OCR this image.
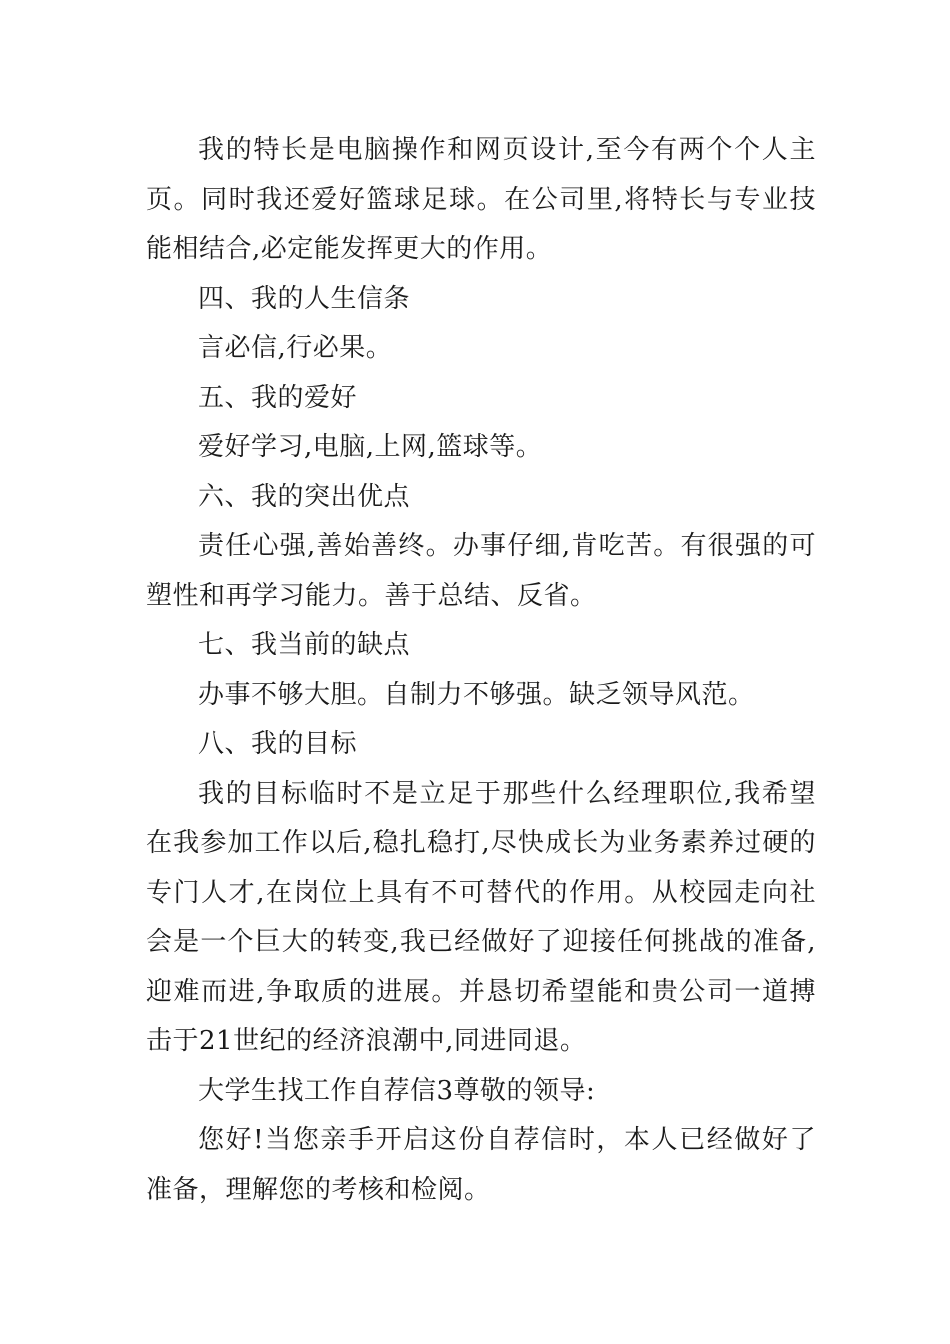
我的特长是电脑操作和网页设计,至今有两个个人主页。同时我还爱好篮球足球。在公司里,将特长与专业技能相结合,必定能发挥更大的作用。

四、我的人生信条

言必信,行必果。

五、我的爱好

爱好学习,电脑,上网,篮球等。

六、我的突出优点

责任心强,善始善终。办事仔细,肯吃苦。有很强的可塑性和再学习能力。善于总结、反省。

七、我当前的缺点

办事不够大胆。自制力不够强。缺乏领导风范。

八、我的目标

我的目标临时不是立足于那些什么经理职位,我希望在我参加工作以后,稳扎稳打,尽快成长为业务素养过硬的专门人才,在岗位上具有不可替代的作用。从校园走向社会是一个巨大的转变,我已经做好了迎接任何挑战的准备,迎难而进,争取质的进展。并恳切希望能和贵公司一道搏击于21世纪的经济浪潮中,同进同退。

大学生找工作自荐信3尊敬的领导:

您好!当您亲手开启这份自荐信时，本人已经做好了准备，理解您的考核和检阅。
